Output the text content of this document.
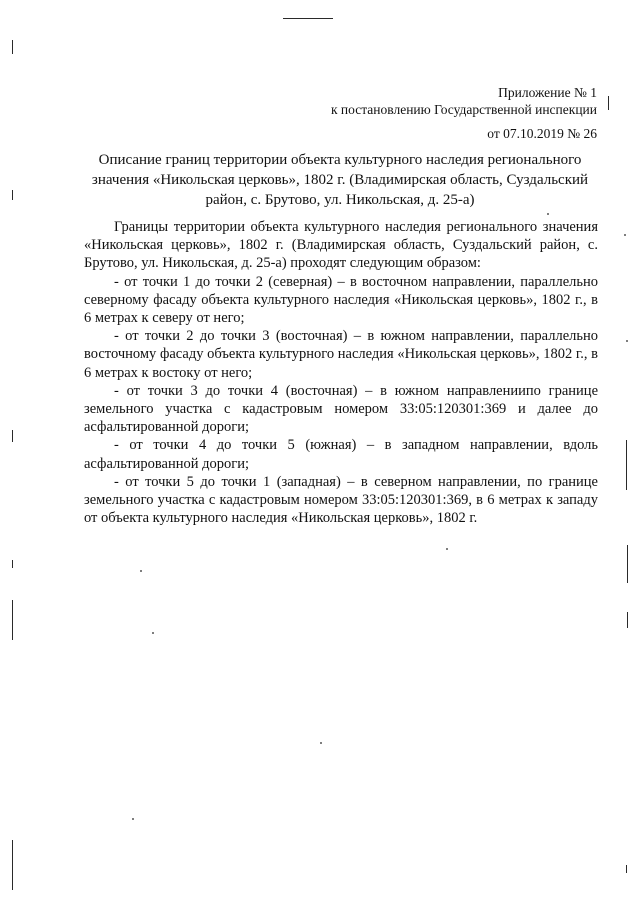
Приложение № 1
к постановлению Государственной инспекции
от 07.10.2019 № 26
Описание границ территории объекта культурного наследия регионального
значения «Никольская церковь», 1802 г. (Владимирская область, Суздальский
район, с. Брутово, ул. Никольская, д. 25-а)

Границы территории объекта культурного наследия регионального значения «Никольская церковь», 1802 г. (Владимирская область, Суздальский район, с. Брутово, ул. Никольская, д. 25-а) проходят следующим образом:

- от точки 1 до точки 2 (северная) – в восточном направлении, параллельно северному фасаду объекта культурного наследия «Никольская церковь», 1802 г., в 6 метрах к северу от него;

- от точки 2 до точки 3 (восточная) – в южном направлении, параллельно восточному фасаду объекта культурного наследия «Никольская церковь», 1802 г., в 6 метрах к востоку от него;

- от точки 3 до точки 4 (восточная) – в южном направлениипо границе земельного участка с кадастровым номером 33:05:120301:369 и далее до асфальтированной дороги;

- от точки 4 до точки 5 (южная) – в западном направлении, вдоль асфальтированной дороги;

- от точки 5 до точки 1 (западная) – в северном направлении, по границе земельного участка с кадастровым номером 33:05:120301:369, в 6 метрах к западу от объекта культурного наследия «Никольская церковь», 1802 г.
